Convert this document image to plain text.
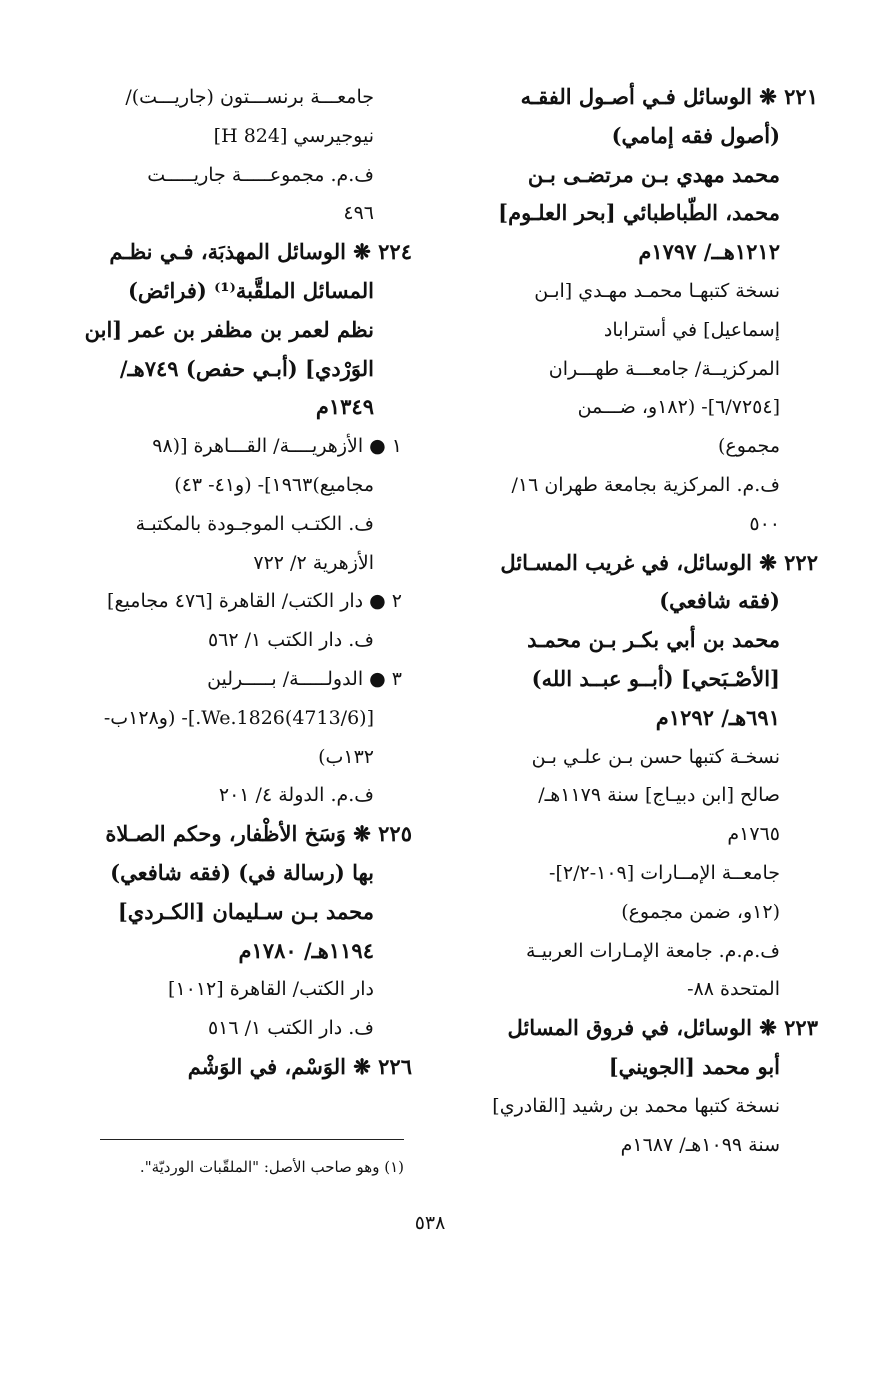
٢٢١ ❋ الوسائل فـي أصـول الفقـه
(أصول فقه إمامي)
محمد مهدي بـن مرتضـى بـن
محمد، الطّباطبائي [بحر العلـوم]
١٢١٢هــ/ ١٧٩٧م
نسخة كتبهـا محمـد مهـدي [ابـن
إسماعيل] في أستراباد
المركزيــة/ جامعـــة طهـــران
[٦/٧٢٥٤]- (١٨٢و، ضـــمن
مجموع)
ف.م. المركزية بجامعة طهران ١٦/
٥٠٠
٢٢٢ ❋ الوسائل، في غريب المسـائل
(فقه شافعي)
محمد بن أبي بكـر بـن محمـد
[الأصْـبَحي] (أبــو عبــد الله)
٦٩١هـ/ ١٢٩٢م
نسخـة كتبها حسن بـن علـي بـن
صالح [ابن دبيـاج] سنة ١١٧٩هـ/
١٧٦٥م
جامعــة الإمــارات [١٠٩-٢/٢]-
(١٢و، ضمن مجموع)
ف.م.م. جامعة الإمـارات العربيـة
المتحدة ٨٨-
٢٢٣ ❋ الوسائل، في فروق المسائل
أبو محمد [الجويني]
نسخة كتبها محمد بن رشيد [القادري]
سنة ١٠٩٩هـ/ ١٦٨٧م
جامعـــة برنســـتون (جاريـــت)/
نيوجيرسي [824 H]
ف.م. مجموعـــــة جاريـــــت
٤٩٦
٢٢٤ ❋ الوسائل المهذبَة، فـي نظـم
المسائل الملقَّبة⁽¹⁾ (فرائض)
نظم لعمر بن مظفر بن عمر [ابن
الوَرْدي] (أبـي حفص) ٧٤٩هـ/
١٣٤٩م
١ ● الأزهريــــة/ القـــاهرة [(٩٨
مجاميع)١٩٦٣]- (و٤١- ٤٣)
ف. الكتـب الموجـودة بالمكتبـة
الأزهرية ٢/ ٧٢٢
٢ ● دار الكتب/ القاهرة [٤٧٦ مجاميع]
ف. دار الكتب ١/ ٥٦٢
٣ ● الدولـــــة/ بـــــرلين
[(4713/6)We.1826.]- (و١٢٨ب-
١٣٢ب)
ف.م. الدولة ٤/ ٢٠١
٢٢٥ ❋ وَسَخ الأظْفار، وحكم الصـلاة
بها (رسالة في) (فقه شافعي)
محمد بـن سـليمان [الكـردي]
١١٩٤هـ/ ١٧٨٠م
دار الكتب/ القاهرة [١٠١٢]
ف. دار الكتب ١/ ٥١٦
٢٢٦ ❋ الوَسْم، في الوَشْم
(١) وهو صاحب الأصل: "الملقّبات الورديّة".
٥٣٨
